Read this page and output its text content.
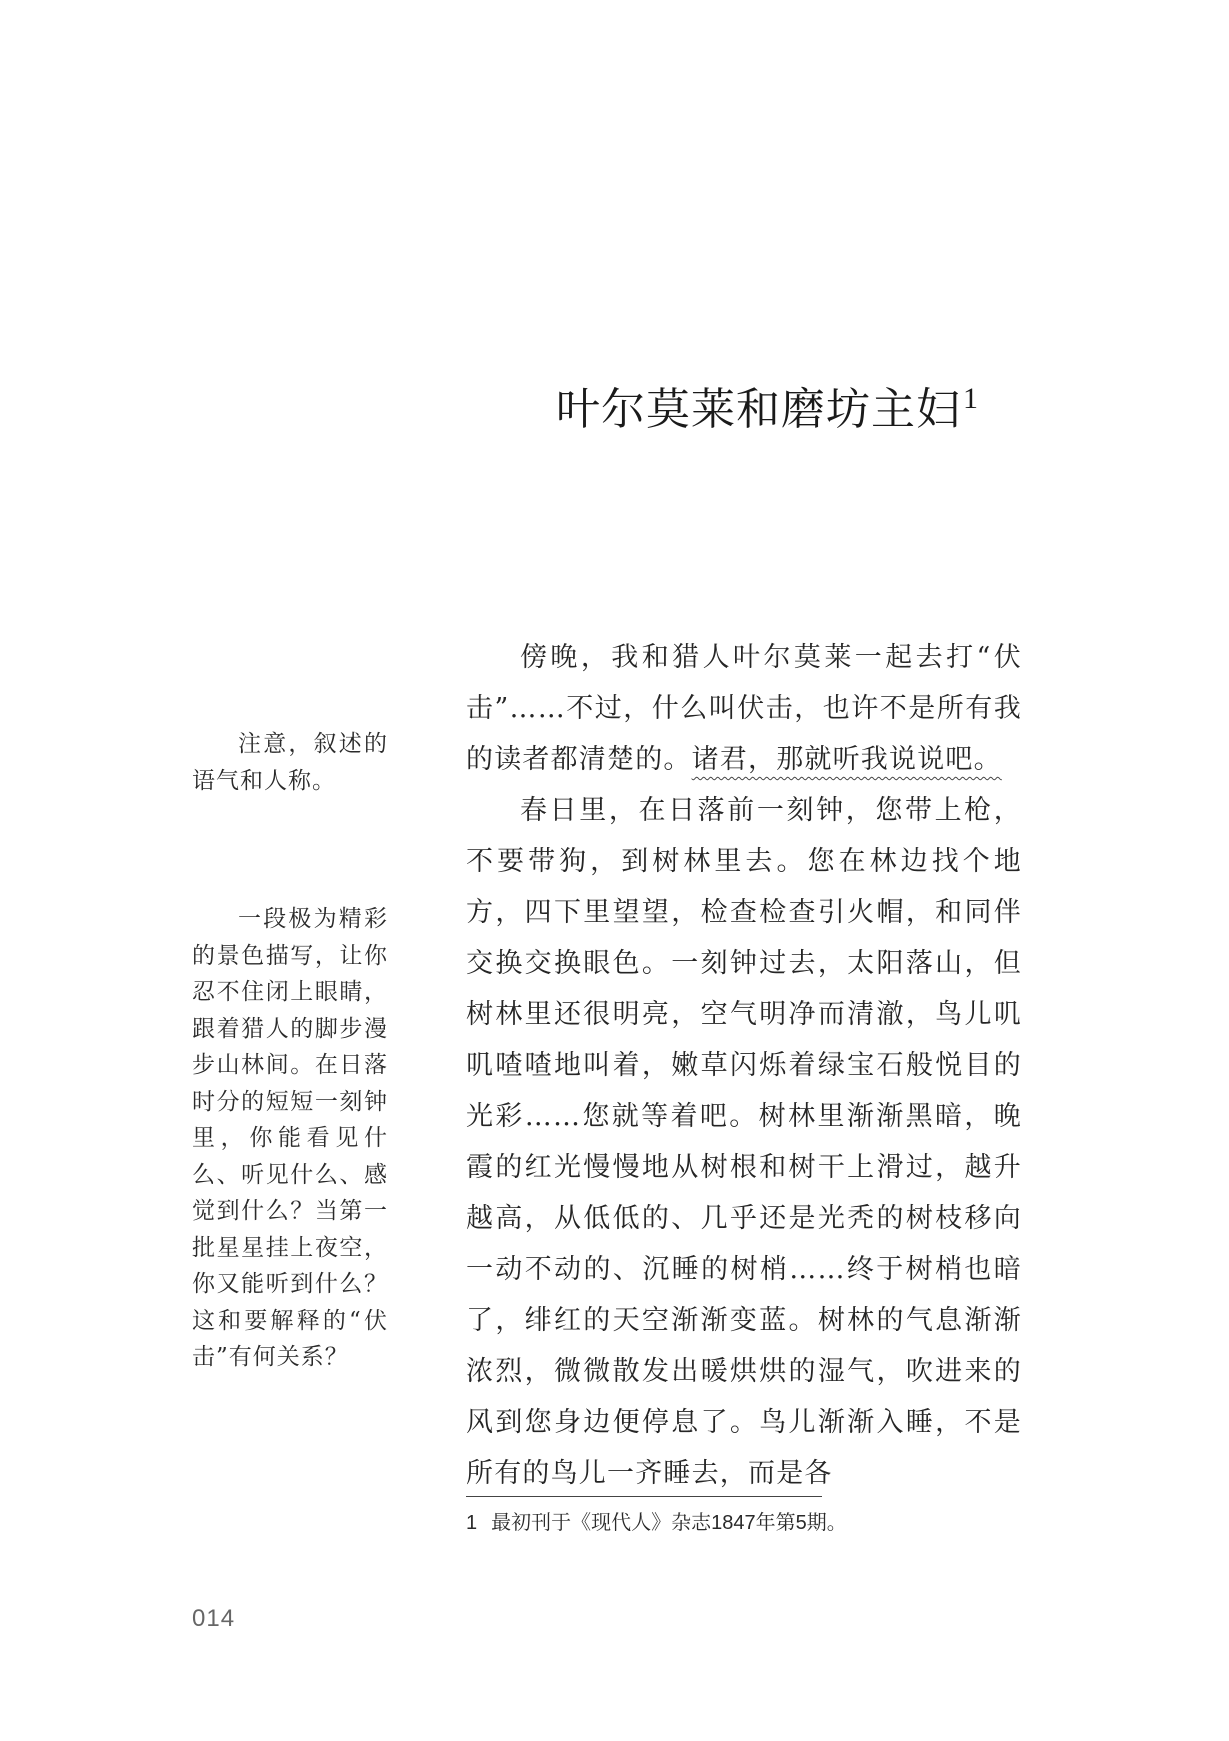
叶尔莫莱和磨坊主妇$^1$

傍晚，我和猎人叶尔莫莱一起去打“伏击”……不过，什么叫伏击，也许不是所有我的读者都清楚的。诸君，那就听我说说吧。

春日里，在日落前一刻钟，您带上枪，不要带狗，到树林里去。您在林边找个地方，四下里望望，检查检查引火帽，和同伴交换交换眼色。一刻钟过去，太阳落山，但树林里还很明亮，空气明净而清澈，鸟儿叽叽喳喳地叫着，嫩草闪烁着绿宝石般悦目的光彩……您就等着吧。树林里渐渐黑暗，晚霞的红光慢慢地从树根和树干上滑过，越升越高，从低低的、几乎还是光秃的树枝移向一动不动的、沉睡的树梢……终于树梢也暗了，绯红的天空渐渐变蓝。树林的气息渐渐浓烈，微微散发出暖烘烘的湿气，吹进来的风到您身边便停息了。鸟儿渐渐入睡，不是所有的鸟儿一齐睡去，而是各

注意，叙述的语气和人称。

一段极为精彩的景色描写，让你忍不住闭上眼睛，跟着猎人的脚步漫步山林间。在日落时分的短短一刻钟里，你能看见什么、听见什么、感觉到什么？当第一批星星挂上夜空，你又能听到什么？这和要解释的“伏击”有何关系？

1 最初刊于《现代人》杂志1847年第5期。
014
